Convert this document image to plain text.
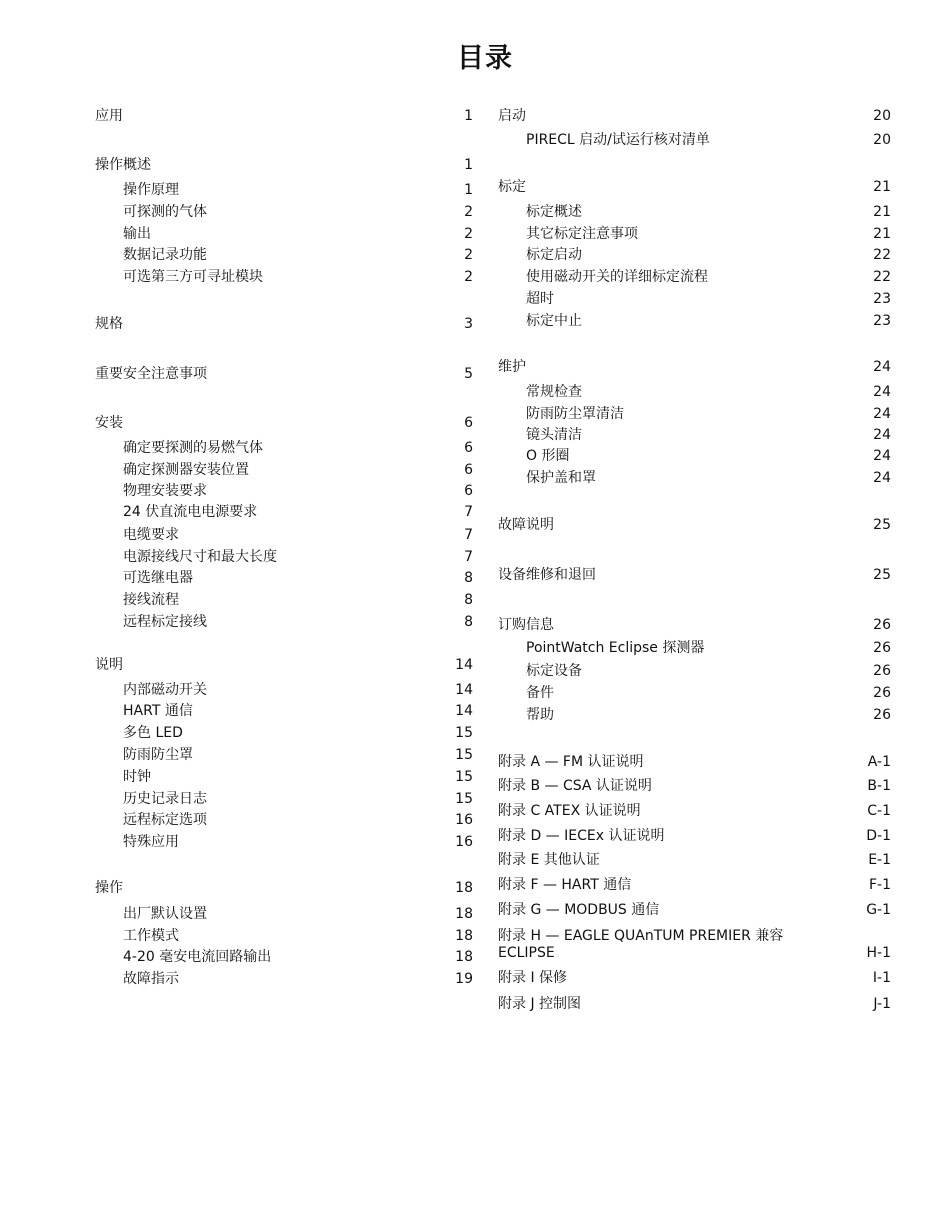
目录
应用	1
操作概述	1
操作原理	1
可探测的气体	2
输出	2
数据记录功能	2
可选第三方可寻址模块	2
规格	3
重要安全注意事项	5
安装	6
确定要探测的易燃气体	6
确定探测器安装位置	6
物理安装要求	6
24 伏直流电电源要求	7
电缆要求	7
电源接线尺寸和最大长度	7
可选继电器	8
接线流程	8
远程标定接线	8
说明	14
内部磁动开关	14
HART 通信	14
多色 LED	15
防雨防尘罩	15
时钟	15
历史记录日志	15
远程标定选项	16
特殊应用	16
操作	18
出厂默认设置	18
工作模式	18
4-20 毫安电流回路输出	18
故障指示	19
启动	20
PIRECL 启动/试运行核对清单	20
标定	21
标定概述	21
其它标定注意事项	21
标定启动	22
使用磁动开关的详细标定流程	22
超时	23
标定中止	23
维护	24
常规检查	24
防雨防尘罩清洁	24
镜头清洁	24
O 形圈	24
保护盖和罩	24
故障说明	25
设备维修和退回	25
订购信息	26
PointWatch Eclipse 探测器	26
标定设备	26
备件	26
帮助	26
附录 A — FM 认证说明	A-1
附录 B — CSA 认证说明	B-1
附录 C ATEX 认证说明	C-1
附录 D — IECEx 认证说明	D-1
附录 E 其他认证	E-1
附录 F — HART 通信	F-1
附录 G — MODBUS 通信	G-1
附录 H — EAGLE QUAnTUM PREMIER 兼容
ECLIPSE	H-1
附录 I 保修	I-1
附录 J 控制图	J-1
